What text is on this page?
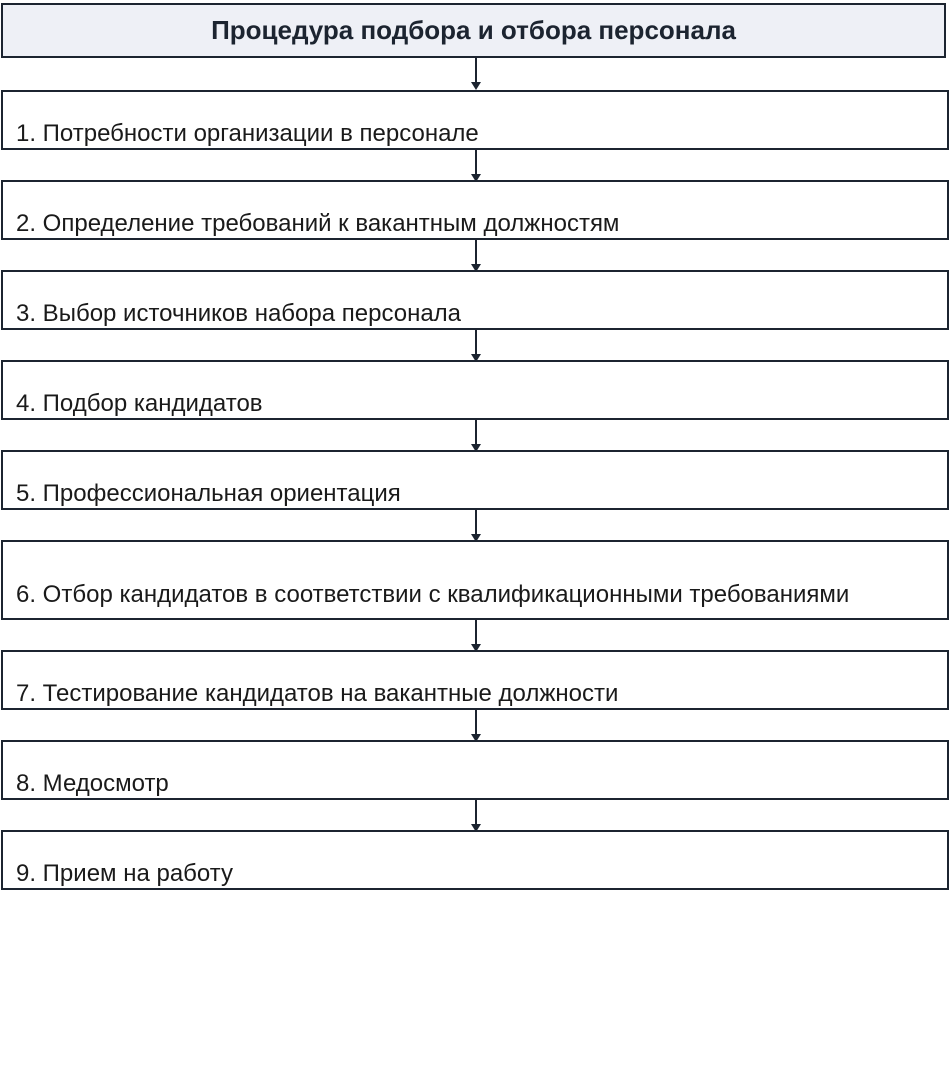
Процедура подбора и отбора персонала
1. Потребности организации в персонале
2. Определение требований к вакантным должностям
3. Выбор источников набора персонала
4. Подбор кандидатов
5. Профессиональная ориентация
6. Отбор кандидатов в соответствии с квалификационными требованиями
7. Тестирование кандидатов на вакантные должности
8. Медосмотр
9. Прием на работу
